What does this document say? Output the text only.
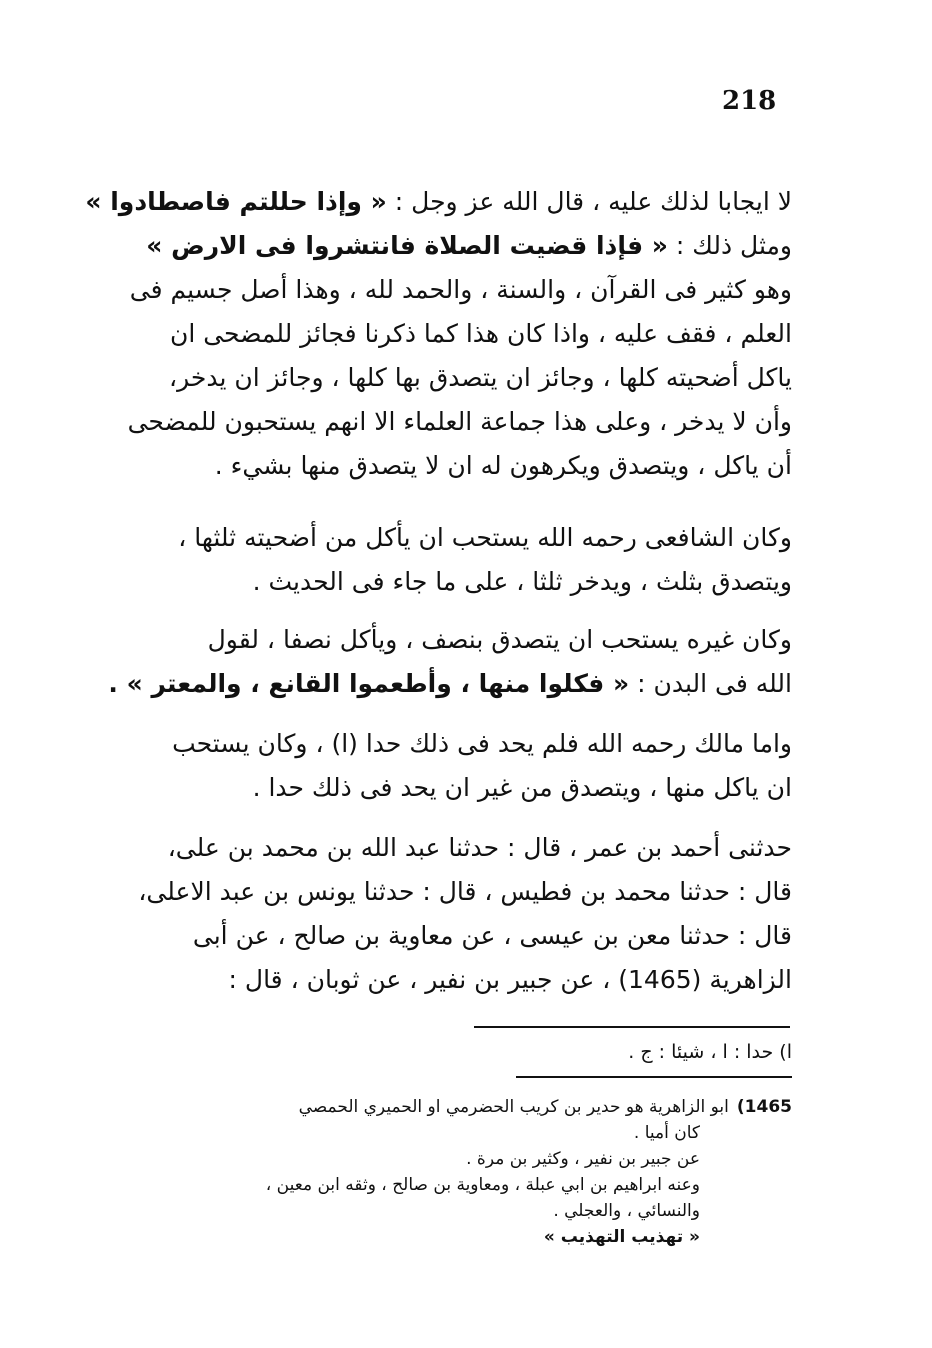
218
لا ايجابا لذلك عليه ، قال الله عز وجل : « وإذا حللتم فاصطادوا »
ومثل ذلك : « فإذا قضيت الصلاة فانتشروا فى الارض »
وهو كثير فى القرآن ، والسنة ، والحمد لله ، وهذا أصل جسيم فى
العلم ، فقف عليه ، واذا كان هذا كما ذكرنا فجائز للمضحى ان
ياكل أضحيته كلها ، وجائز ان يتصدق بها كلها ، وجائز ان يدخر،
وأن لا يدخر ، وعلى هذا جماعة العلماء الا انهم يستحبون للمضحى
أن ياكل ، ويتصدق ويكرهون له ان لا يتصدق منها بشيء .
وكان الشافعى رحمه الله يستحب ان يأكل من أضحيته ثلثها ،
ويتصدق بثلث ، ويدخر ثلثا ، على ما جاء فى الحديث .
وكان غيره يستحب ان يتصدق بنصف ، ويأكل نصفا ، لقول
الله فى البدن : « فكلوا منها ، وأطعموا القانع ، والمعتر » .
واما مالك رحمه الله فلم يحد فى ذلك حدا (ا) ، وكان يستحب
ان ياكل منها ، ويتصدق من غير ان يحد فى ذلك حدا .
حدثنى أحمد بن عمر ، قال : حدثنا عبد الله بن محمد بن على،
قال : حدثنا محمد بن فطيس ، قال : حدثنا يونس بن عبد الاعلى،
قال : حدثنا معن بن عيسى ، عن معاوية بن صالح ، عن أبى
الزاهرية (1465) ، عن جبير بن نفير ، عن ثوبان ، قال :
ا) حدا : ا ، شيئا : ج .
1465)ابو الزاهرية هو حدير بن كريب الحضرمي او الحميري الحمصي
كان أميا .
عن جبير بن نفير ، وكثير بن مرة .
وعنه ابراهيم بن ابي عبلة ، ومعاوية بن صالح ، وثقه ابن معين ،
والنسائي ، والعجلي .
« تهذيب التهذيب »
